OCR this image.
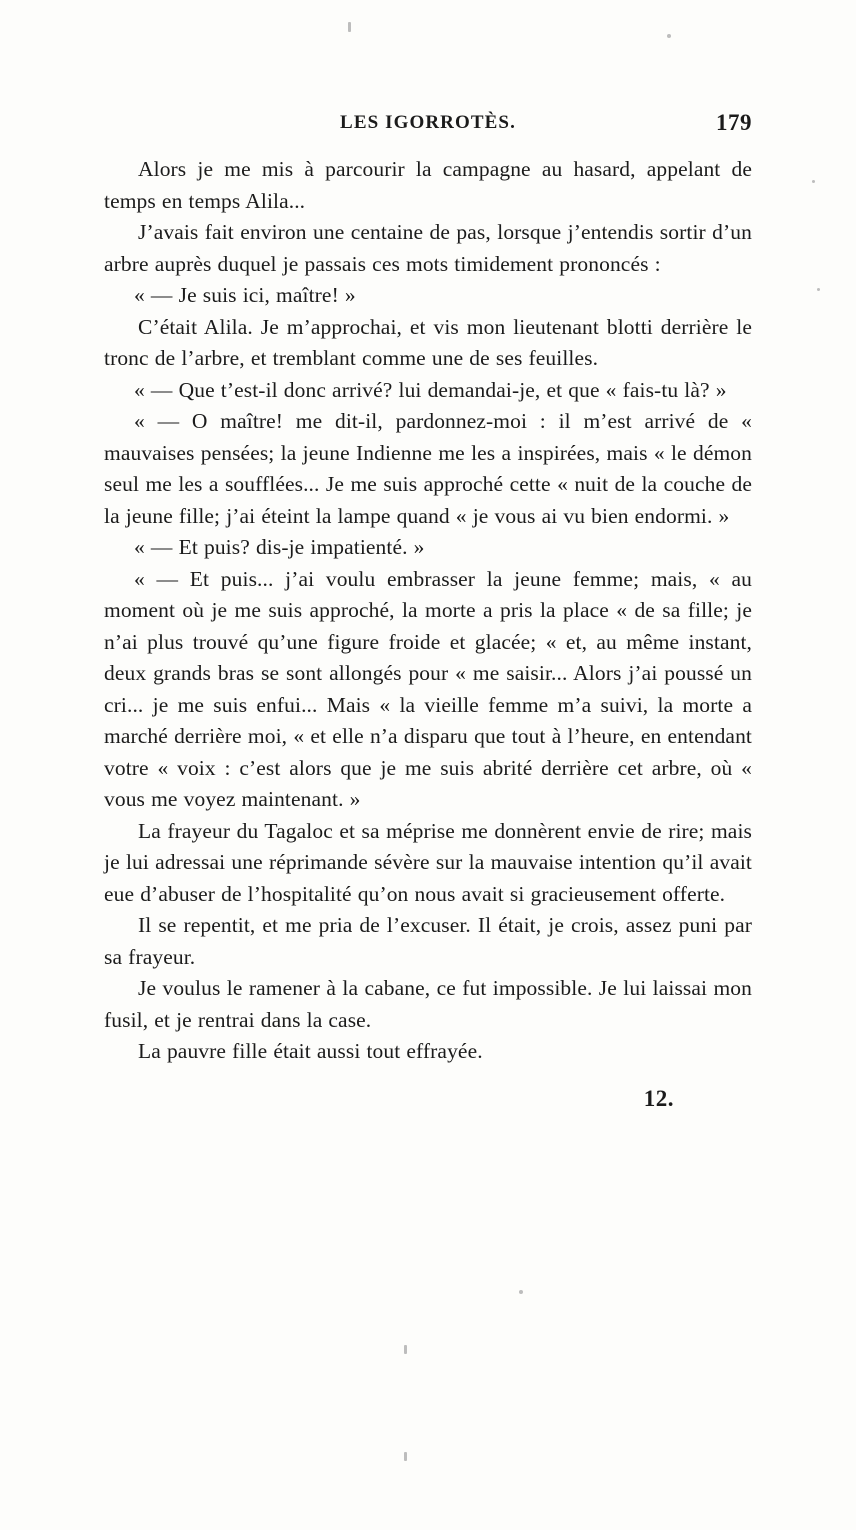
LES IGORROTÈS.	179

Alors je me mis à parcourir la campagne au hasard, appelant de temps en temps Alila...

J’avais fait environ une centaine de pas, lorsque j’entendis sortir d’un arbre auprès duquel je passais ces mots timidement prononcés :

« — Je suis ici, maître! »

C’était Alila. Je m’approchai, et vis mon lieutenant blotti derrière le tronc de l’arbre, et tremblant comme une de ses feuilles.

« — Que t’est-il donc arrivé? lui demandai-je, et que « fais-tu là? »

« — O maître! me dit-il, pardonnez-moi : il m’est arrivé de « mauvaises pensées; la jeune Indienne me les a inspirées, mais « le démon seul me les a soufflées... Je me suis approché cette « nuit de la couche de la jeune fille; j’ai éteint la lampe quand « je vous ai vu bien endormi. »

« — Et puis? dis-je impatienté. »

« — Et puis... j’ai voulu embrasser la jeune femme; mais, « au moment où je me suis approché, la morte a pris la place « de sa fille; je n’ai plus trouvé qu’une figure froide et glacée; « et, au même instant, deux grands bras se sont allongés pour « me saisir... Alors j’ai poussé un cri... je me suis enfui... Mais « la vieille femme m’a suivi, la morte a marché derrière moi, « et elle n’a disparu que tout à l’heure, en entendant votre « voix : c’est alors que je me suis abrité derrière cet arbre, où « vous me voyez maintenant. »

La frayeur du Tagaloc et sa méprise me donnèrent envie de rire; mais je lui adressai une réprimande sévère sur la mauvaise intention qu’il avait eue d’abuser de l’hospitalité qu’on nous avait si gracieusement offerte.

Il se repentit, et me pria de l’excuser. Il était, je crois, assez puni par sa frayeur.

Je voulus le ramener à la cabane, ce fut impossible. Je lui laissai mon fusil, et je rentrai dans la case.

La pauvre fille était aussi tout effrayée.

12.
